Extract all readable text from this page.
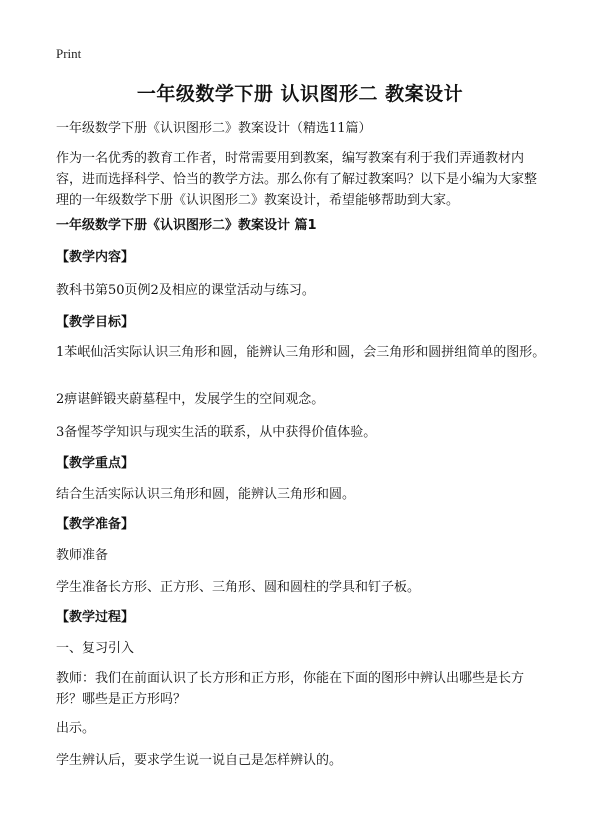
Print
一年级数学下册 认识图形二 教案设计
一年级数学下册《认识图形二》教案设计（精选11篇）
作为一名优秀的教育工作者，时常需要用到教案，编写教案有利于我们弄通教材内容，进而选择科学、恰当的教学方法。那么你有了解过教案吗？以下是小编为大家整理的一年级数学下册《认识图形二》教案设计，希望能够帮助到大家。
一年级数学下册《认识图形二》教案设计 篇1
【教学内容】
教科书第50页例2及相应的课堂活动与练习。
【教学目标】
1苯岷仙活实际认识三角形和圆，能辨认三角形和圆，会三角形和圆拼组简单的图形。
2痹谌鲜锻夹蔚墓程中，发展学生的空间观念。
3备惺芩学知识与现实生活的联系，从中获得价值体验。
【教学重点】
结合生活实际认识三角形和圆，能辨认三角形和圆。
【教学准备】
教师准备
学生准备长方形、正方形、三角形、圆和圆柱的学具和钉子板。
【教学过程】
一、复习引入
教师：我们在前面认识了长方形和正方形，你能在下面的图形中辨认出哪些是长方形？哪些是正方形吗？
出示。
学生辨认后，要求学生说一说自己是怎样辨认的。
